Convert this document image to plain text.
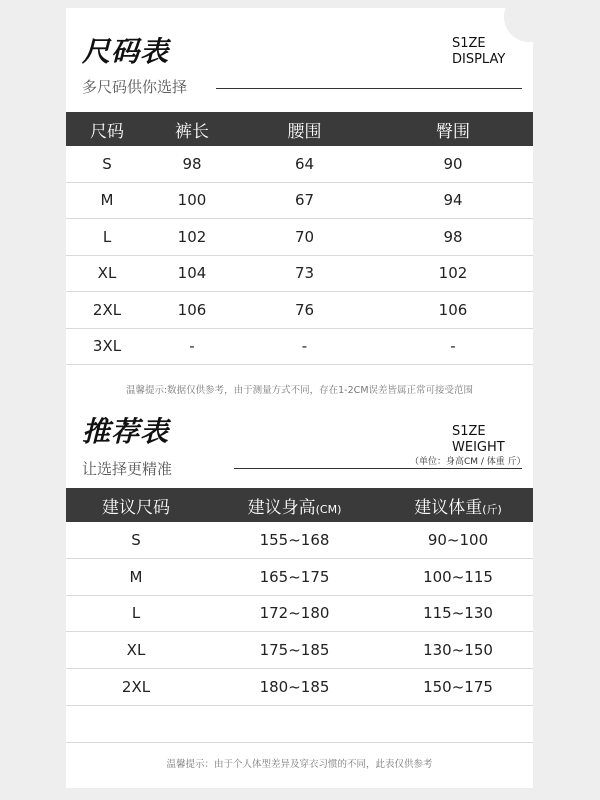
尺码表	S1ZE
DISPLAY
多尺码供你选择
尺码	裤长	腰围	臀围
S	98	64	90
M	100	67	94
L	102	70	98
XL	104	73	102
2XL	106	76	106
3XL	-	-	-
温馨提示:数据仅供参考，由于测量方式不同，存在1-2CM误差皆属正常可接受范围
推荐表	S1ZE
WEIGHT
（单位：身高CM / 体重 斤）
让选择更精准
建议尺码	建议身高(CM)	建议体重(斤)
S	155~168	90~100
M	165~175	100~115
L	172~180	115~130
XL	175~185	130~150
2XL	180~185	150~175
温馨提示：由于个人体型差异及穿衣习惯的不同，此表仅供参考
